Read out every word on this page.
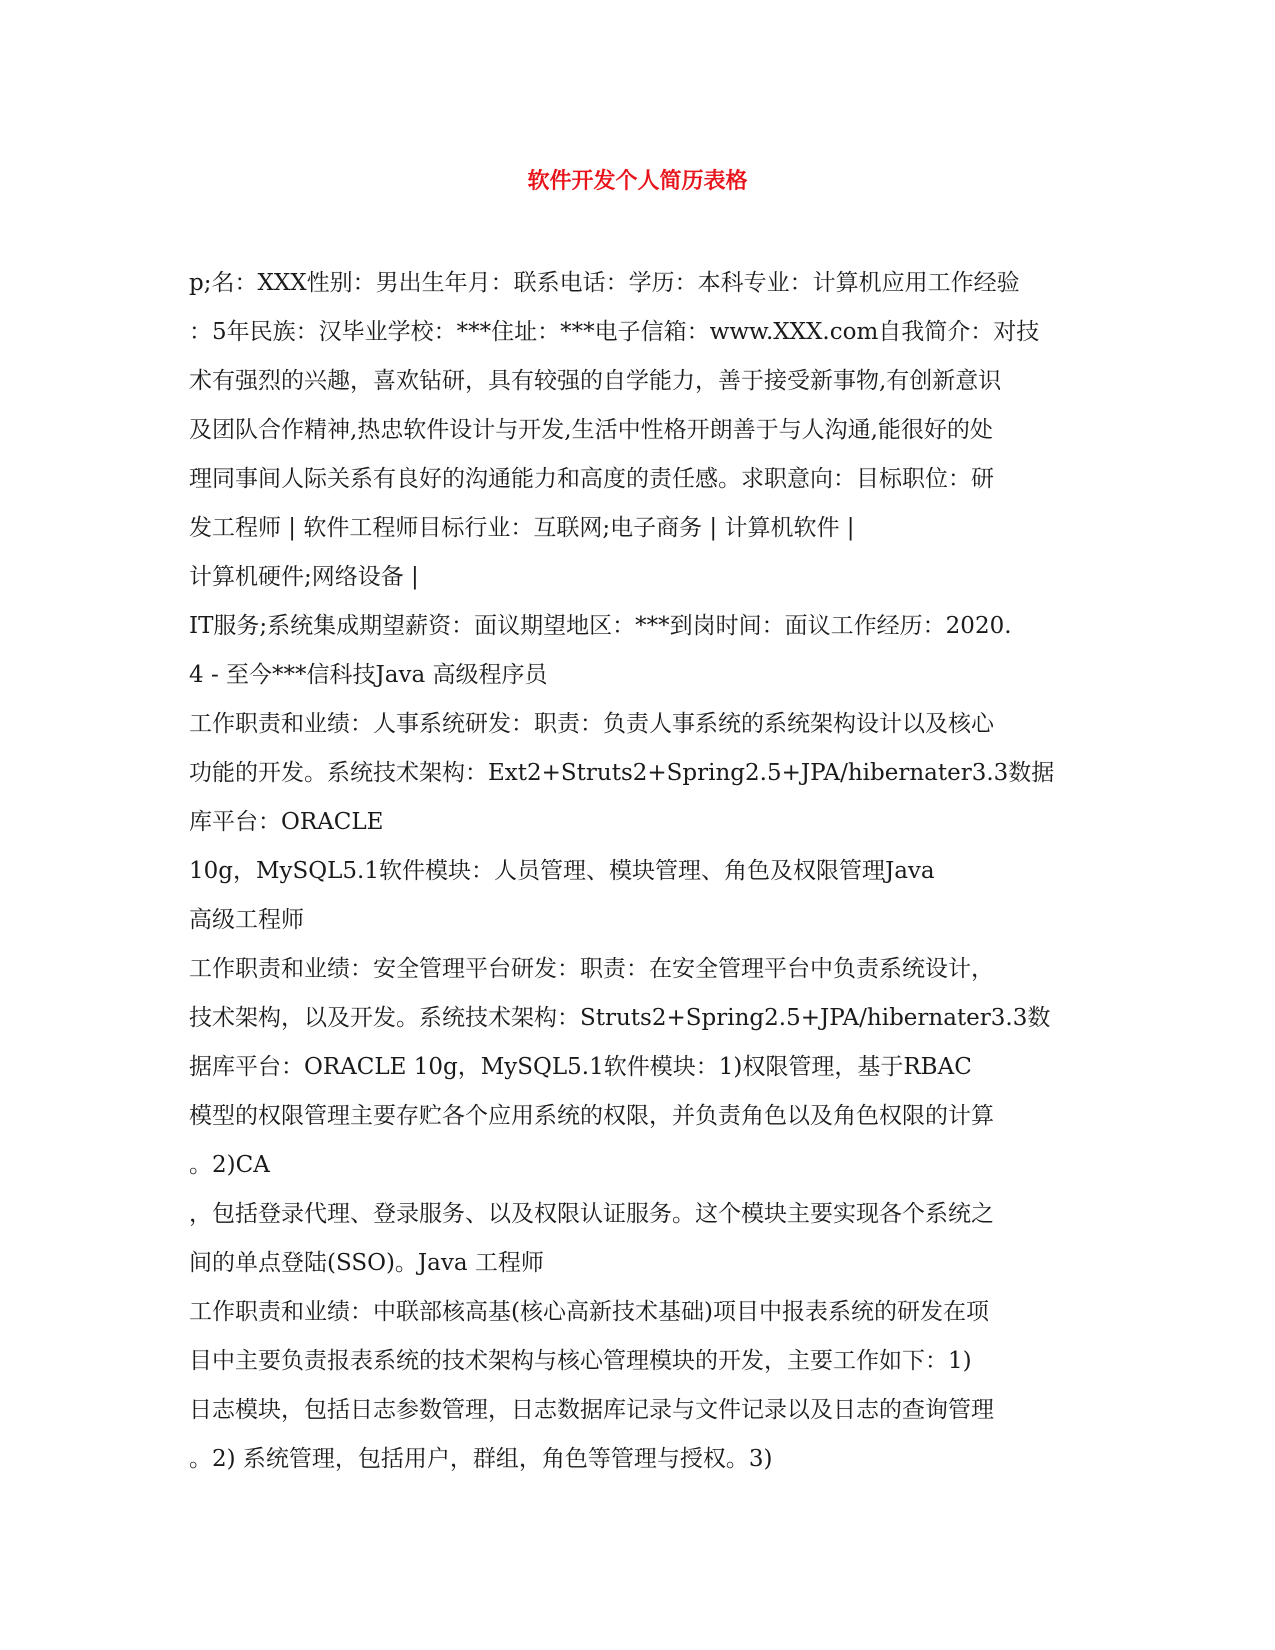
软件开发个人简历表格
p;名：XXX性别：男出生年月：联系电话：学历：本科专业：计算机应用工作经验
：5年民族：汉毕业学校：***住址：***电子信箱：www.XXX.com自我简介：对技
术有强烈的兴趣，喜欢钻研，具有较强的自学能力，善于接受新事物,有创新意识
及团队合作精神,热忠软件设计与开发,生活中性格开朗善于与人沟通,能很好的处
理同事间人际关系有良好的沟通能力和高度的责任感。求职意向：目标职位：研
发工程师 | 软件工程师目标行业：互联网;电子商务 | 计算机软件 |
计算机硬件;网络设备 |
IT服务;系统集成期望薪资：面议期望地区：***到岗时间：面议工作经历：2020.
4 - 至今***信科技Java 高级程序员
工作职责和业绩：人事系统研发：职责：负责人事系统的系统架构设计以及核心
功能的开发。系统技术架构：Ext2+Struts2+Spring2.5+JPA/hibernater3.3数据
库平台：ORACLE
10g，MySQL5.1软件模块：人员管理、模块管理、角色及权限管理Java
高级工程师
工作职责和业绩：安全管理平台研发：职责：在安全管理平台中负责系统设计，
技术架构，以及开发。系统技术架构：Struts2+Spring2.5+JPA/hibernater3.3数
据库平台：ORACLE 10g，MySQL5.1软件模块：1)权限管理，基于RBAC
模型的权限管理主要存贮各个应用系统的权限，并负责角色以及角色权限的计算
。2)CA
，包括登录代理、登录服务、以及权限认证服务。这个模块主要实现各个系统之
间的单点登陆(SSO)。Java 工程师
工作职责和业绩：中联部核高基(核心高新技术基础)项目中报表系统的研发在项
目中主要负责报表系统的技术架构与核心管理模块的开发，主要工作如下：1)
日志模块，包括日志参数管理，日志数据库记录与文件记录以及日志的查询管理
。2) 系统管理，包括用户，群组，角色等管理与授权。3)
